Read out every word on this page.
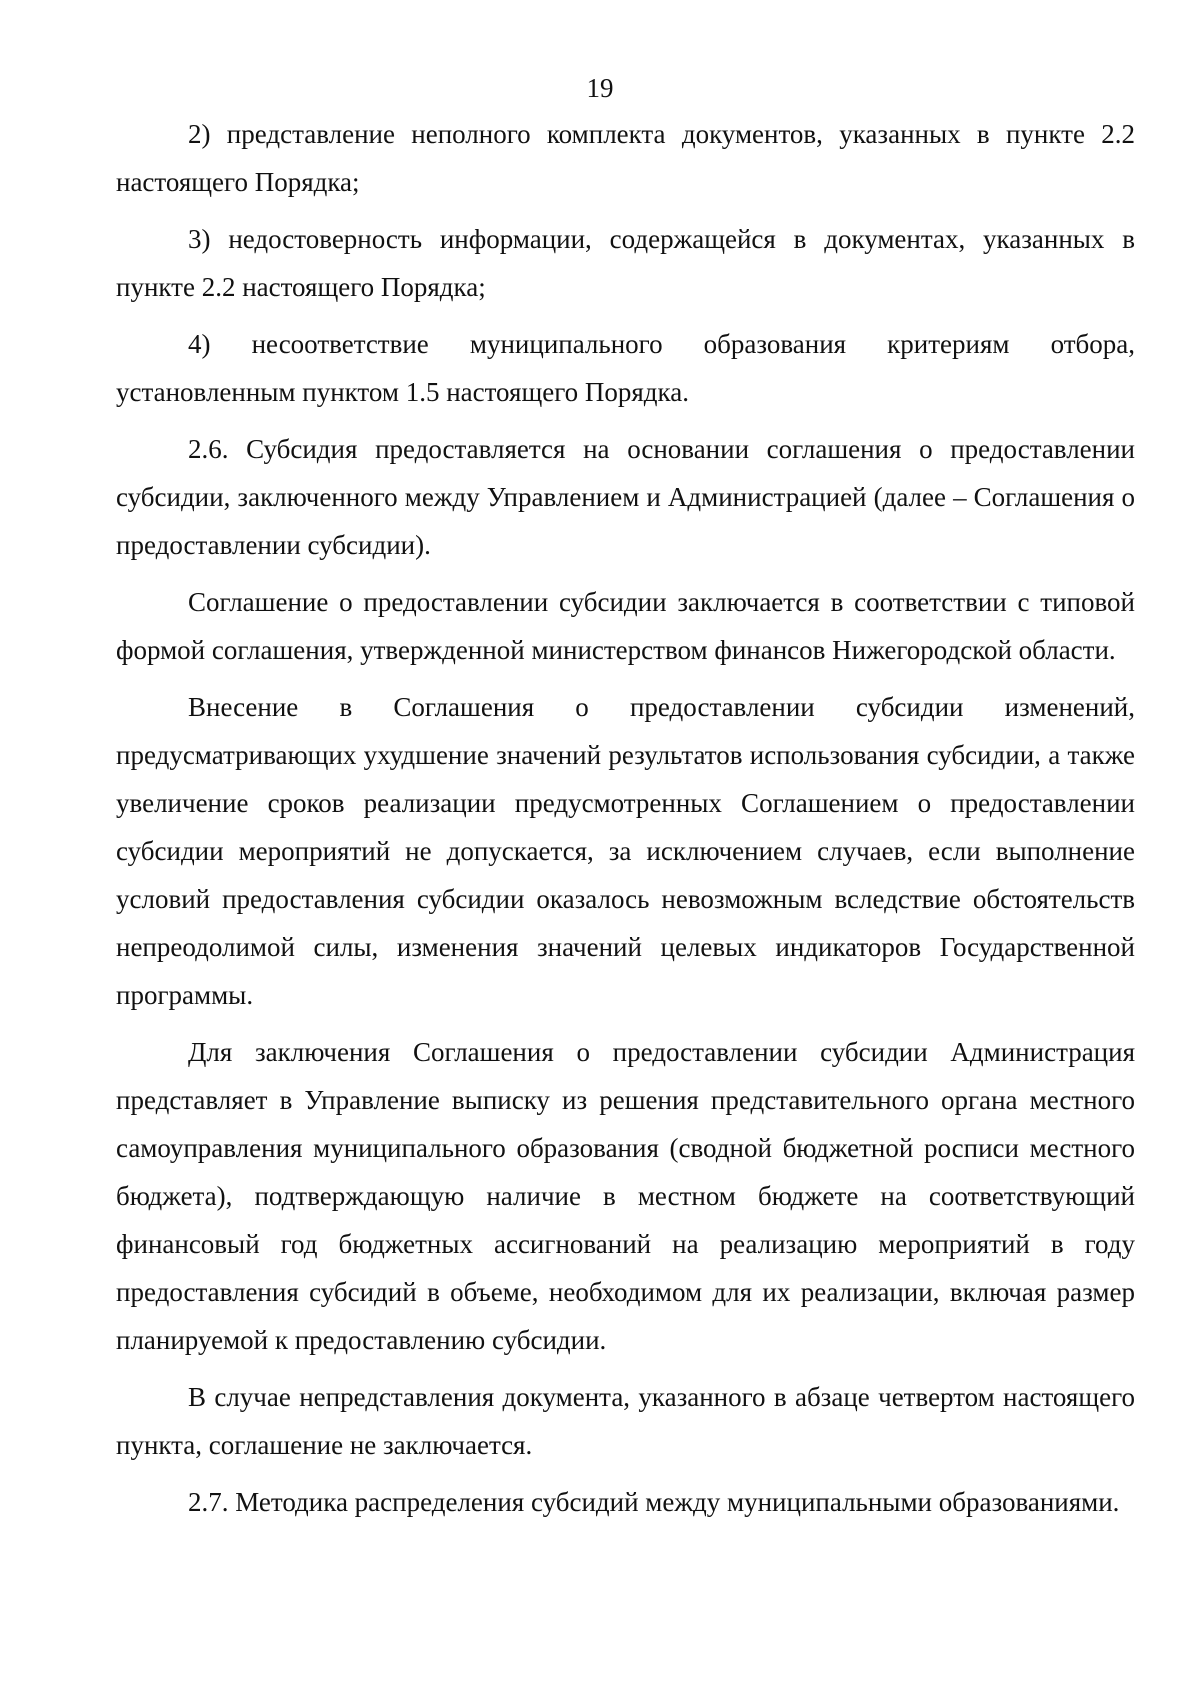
19

2) представление неполного комплекта документов, указанных в пункте 2.2 настоящего Порядка;

3) недостоверность информации, содержащейся в документах, указанных в пункте 2.2 настоящего Порядка;

4) несоответствие муниципального образования критериям отбора, установленным пунктом 1.5 настоящего Порядка.

2.6. Субсидия предоставляется на основании соглашения о предоставлении субсидии, заключенного между Управлением и Администрацией (далее – Соглашения о предоставлении субсидии).

Соглашение о предоставлении субсидии заключается в соответствии с типовой формой соглашения, утвержденной министерством финансов Нижегородской области.

Внесение в Соглашения о предоставлении субсидии изменений, предусматривающих ухудшение значений результатов использования субсидии, а также увеличение сроков реализации предусмотренных Соглашением о предоставлении субсидии мероприятий не допускается, за исключением случаев, если выполнение условий предоставления субсидии оказалось невозможным вследствие обстоятельств непреодолимой силы, изменения значений целевых индикаторов Государственной программы.

Для заключения Соглашения о предоставлении субсидии Администрация представляет в Управление выписку из решения представительного органа местного самоуправления муниципального образования (сводной бюджетной росписи местного бюджета), подтверждающую наличие в местном бюджете на соответствующий финансовый год бюджетных ассигнований на реализацию мероприятий в году предоставления субсидий в объеме, необходимом для их реализации, включая размер планируемой к предоставлению субсидии.

В случае непредставления документа, указанного в абзаце четвертом настоящего пункта, соглашение не заключается.

2.7. Методика распределения субсидий между муниципальными образованиями.
